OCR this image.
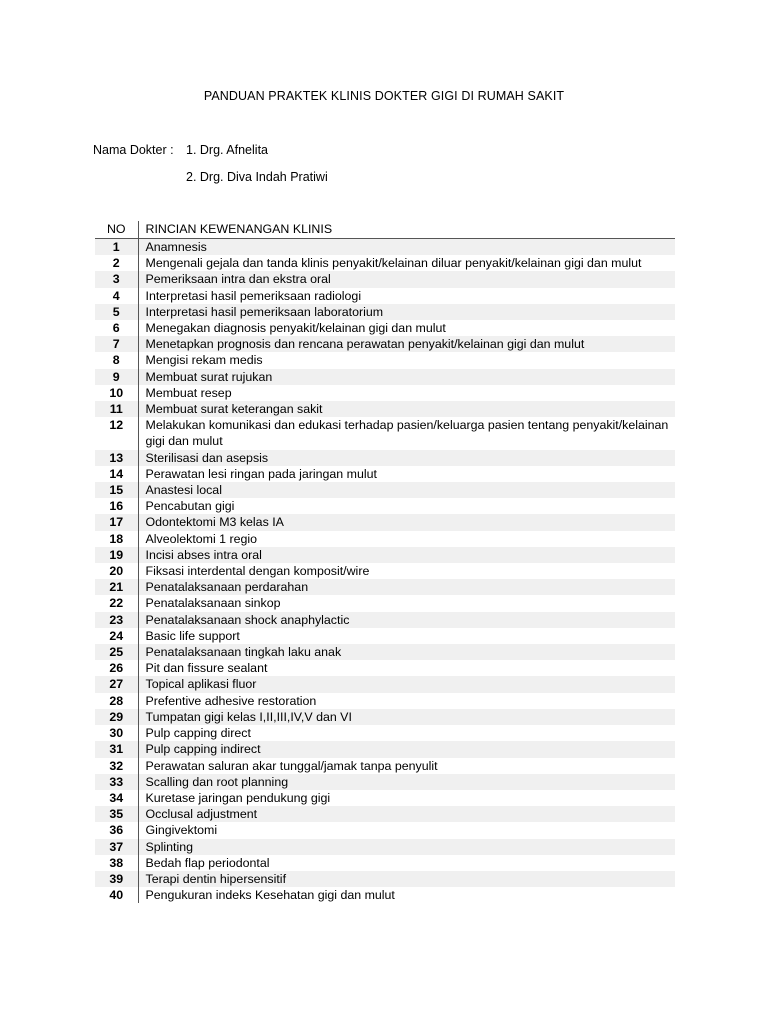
PANDUAN PRAKTEK KLINIS DOKTER GIGI DI RUMAH SAKIT
Nama Dokter : 1. Drg. Afnelita
2. Drg. Diva Indah Pratiwi
NO	RINCIAN KEWENANGAN KLINIS
1	Anamnesis
2	Mengenali gejala dan tanda klinis penyakit/kelainan diluar penyakit/kelainan gigi dan mulut
3	Pemeriksaan intra dan ekstra oral
4	Interpretasi hasil pemeriksaan radiologi
5	Interpretasi hasil pemeriksaan laboratorium
6	Menegakan diagnosis penyakit/kelainan gigi dan mulut
7	Menetapkan prognosis dan rencana perawatan penyakit/kelainan gigi dan mulut
8	Mengisi rekam medis
9	Membuat surat rujukan
10	Membuat resep
11	Membuat surat keterangan sakit
12	Melakukan komunikasi dan edukasi terhadap pasien/keluarga pasien tentang penyakit/kelainan gigi dan mulut
13	Sterilisasi dan asepsis
14	Perawatan lesi ringan pada jaringan mulut
15	Anastesi local
16	Pencabutan gigi
17	Odontektomi M3 kelas IA
18	Alveolektomi 1 regio
19	Incisi abses intra oral
20	Fiksasi interdental dengan komposit/wire
21	Penatalaksanaan perdarahan
22	Penatalaksanaan sinkop
23	Penatalaksanaan shock anaphylactic
24	Basic life support
25	Penatalaksanaan tingkah laku anak
26	Pit dan fissure sealant
27	Topical aplikasi fluor
28	Prefentive adhesive restoration
29	Tumpatan gigi kelas I,II,III,IV,V dan VI
30	Pulp capping direct
31	Pulp capping indirect
32	Perawatan saluran akar tunggal/jamak tanpa penyulit
33	Scalling dan root planning
34	Kuretase jaringan pendukung gigi
35	Occlusal adjustment
36	Gingivektomi
37	Splinting
38	Bedah flap periodontal
39	Terapi dentin hipersensitif
40	Pengukuran indeks Kesehatan gigi dan mulut
